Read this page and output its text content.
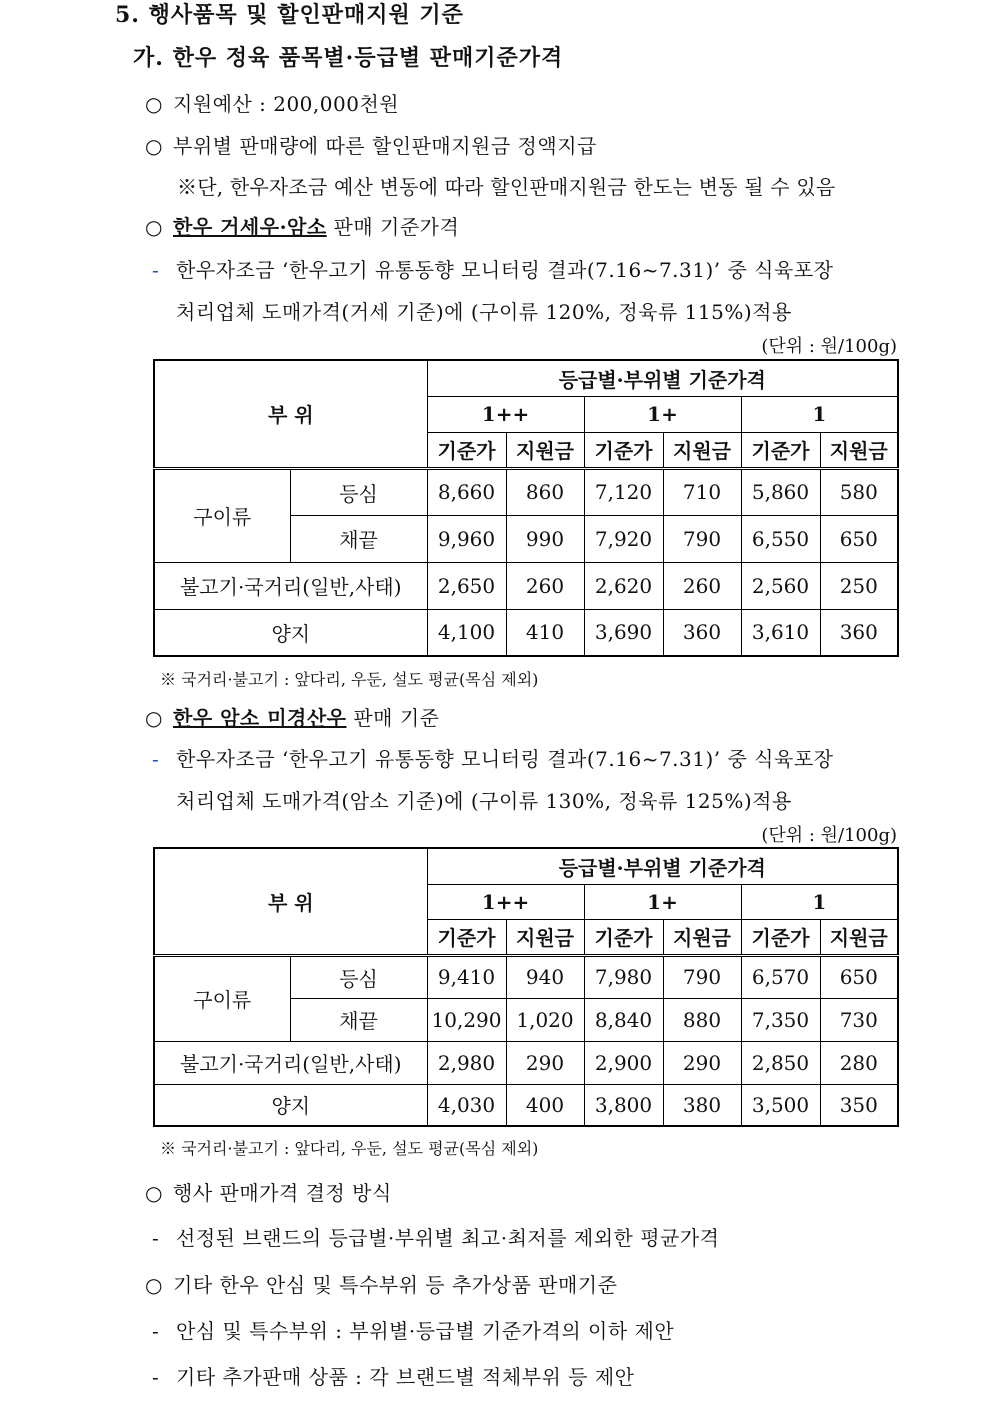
5. 행사품목 및 할인판매지원 기준
가. 한우 정육 품목별·등급별 판매기준가격
○ 지원예산 : 200,000천원
○ 부위별 판매량에 따른 할인판매지원금 정액지급
※단, 한우자조금 예산 변동에 따라 할인판매지원금 한도는 변동 될 수 있음
○ 한우 거세우·암소 판매 기준가격
- 한우자조금 ‘한우고기 유통동향 모니터링 결과(7.16~7.31)’ 중 식육포장
처리업체 도매가격(거세 기준)에 (구이류 120%, 정육류 115%)적용
(단위 : 원/100g)
부 위		등급별·부위별 기준가격					
		1++		1+		1	
		기준가	지원금	기준가	지원금	기준가	지원금
구이류	등심	8,660	860	7,120	710	5,860	580
	채끝	9,960	990	7,920	790	6,550	650
불고기·국거리(일반,사태)		2,650	260	2,620	260	2,560	250
양지		4,100	410	3,690	360	3,610	360
※ 국거리·불고기 : 앞다리, 우둔, 설도 평균(목심 제외)
○ 한우 암소 미경산우 판매 기준
- 한우자조금 ‘한우고기 유통동향 모니터링 결과(7.16~7.31)’ 중 식육포장
처리업체 도매가격(암소 기준)에 (구이류 130%, 정육류 125%)적용
(단위 : 원/100g)
부 위		등급별·부위별 기준가격					
		1++		1+		1	
		기준가	지원금	기준가	지원금	기준가	지원금
구이류	등심	9,410	940	7,980	790	6,570	650
	채끝	10,290	1,020	8,840	880	7,350	730
불고기·국거리(일반,사태)		2,980	290	2,900	290	2,850	280
양지		4,030	400	3,800	380	3,500	350
※ 국거리·불고기 : 앞다리, 우둔, 설도 평균(목심 제외)
○ 행사 판매가격 결정 방식
- 선정된 브랜드의 등급별·부위별 최고·최저를 제외한 평균가격
○ 기타 한우 안심 및 특수부위 등 추가상품 판매기준
- 안심 및 특수부위 : 부위별·등급별 기준가격의 이하 제안
- 기타 추가판매 상품 : 각 브랜드별 적체부위 등 제안
